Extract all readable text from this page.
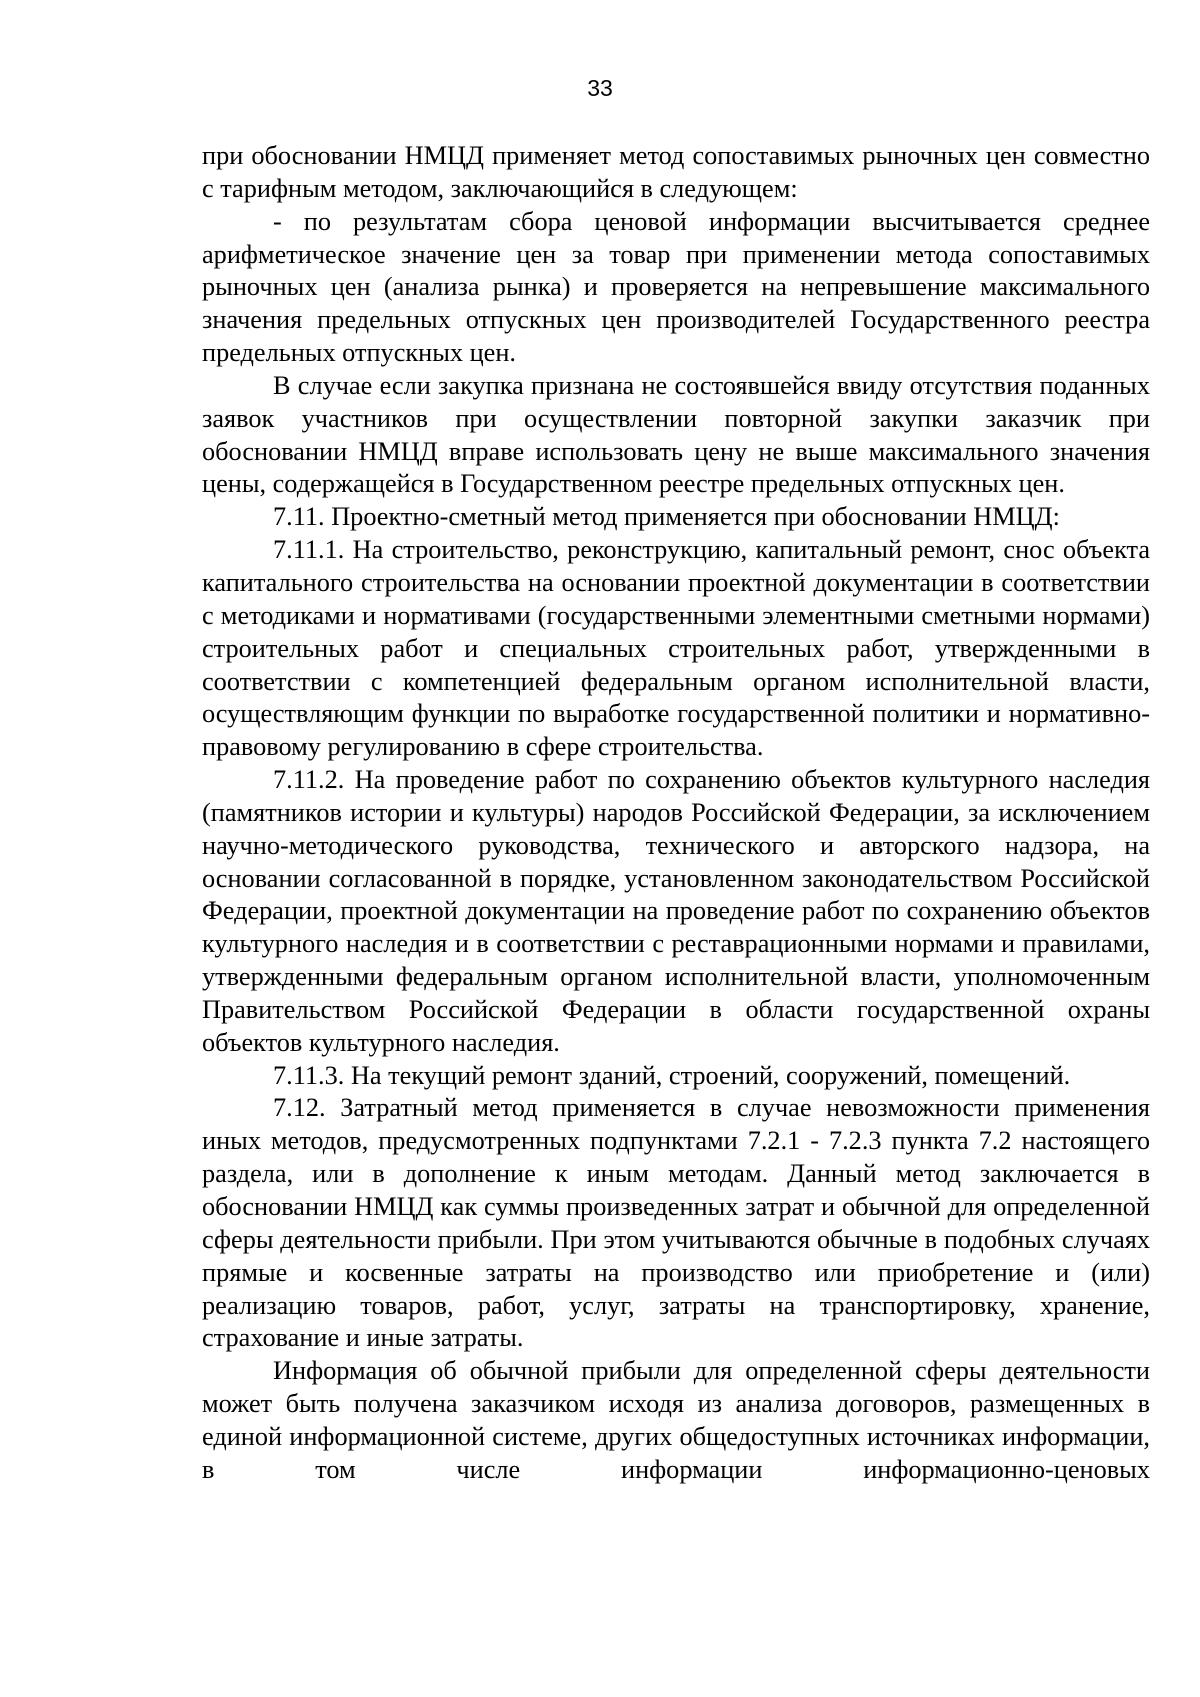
33

при обосновании НМЦД применяет метод сопоставимых рыночных цен совместно с тарифным методом, заключающийся в следующем:

- по результатам сбора ценовой информации высчитывается среднее арифметическое значение цен за товар при применении метода сопоставимых рыночных цен (анализа рынка) и проверяется на непревышение максимального значения предельных отпускных цен производителей Государственного реестра предельных отпускных цен.

В случае если закупка признана не состоявшейся ввиду отсутствия поданных заявок участников при осуществлении повторной закупки заказчик при обосновании НМЦД вправе использовать цену не выше максимального значения цены, содержащейся в Государственном реестре предельных отпускных цен.

7.11. Проектно-сметный метод применяется при обосновании НМЦД:

7.11.1. На строительство, реконструкцию, капитальный ремонт, снос объекта капитального строительства на основании проектной документации в соответствии с методиками и нормативами (государственными элементными сметными нормами) строительных работ и специальных строительных работ, утвержденными в соответствии с компетенцией федеральным органом исполнительной власти, осуществляющим функции по выработке государственной политики и нормативно-правовому регулированию в сфере строительства.

7.11.2. На проведение работ по сохранению объектов культурного наследия (памятников истории и культуры) народов Российской Федерации, за исключением научно-методического руководства, технического и авторского надзора, на основании согласованной в порядке, установленном законодательством Российской Федерации, проектной документации на проведение работ по сохранению объектов культурного наследия и в соответствии с реставрационными нормами и правилами, утвержденными федеральным органом исполнительной власти, уполномоченным Правительством Российской Федерации в области государственной охраны объектов культурного наследия.

7.11.3. На текущий ремонт зданий, строений, сооружений, помещений.

7.12. Затратный метод применяется в случае невозможности применения иных методов, предусмотренных подпунктами 7.2.1 - 7.2.3 пункта 7.2 настоящего раздела, или в дополнение к иным методам. Данный метод заключается в обосновании НМЦД как суммы произведенных затрат и обычной для определенной сферы деятельности прибыли. При этом учитываются обычные в подобных случаях прямые и косвенные затраты на производство или приобретение и (или) реализацию товаров, работ, услуг, затраты на транспортировку, хранение, страхование и иные затраты.

Информация об обычной прибыли для определенной сферы деятельности может быть получена заказчиком исходя из анализа договоров, размещенных в единой информационной системе, других общедоступных источниках информации, в том числе информации информационно-ценовых
